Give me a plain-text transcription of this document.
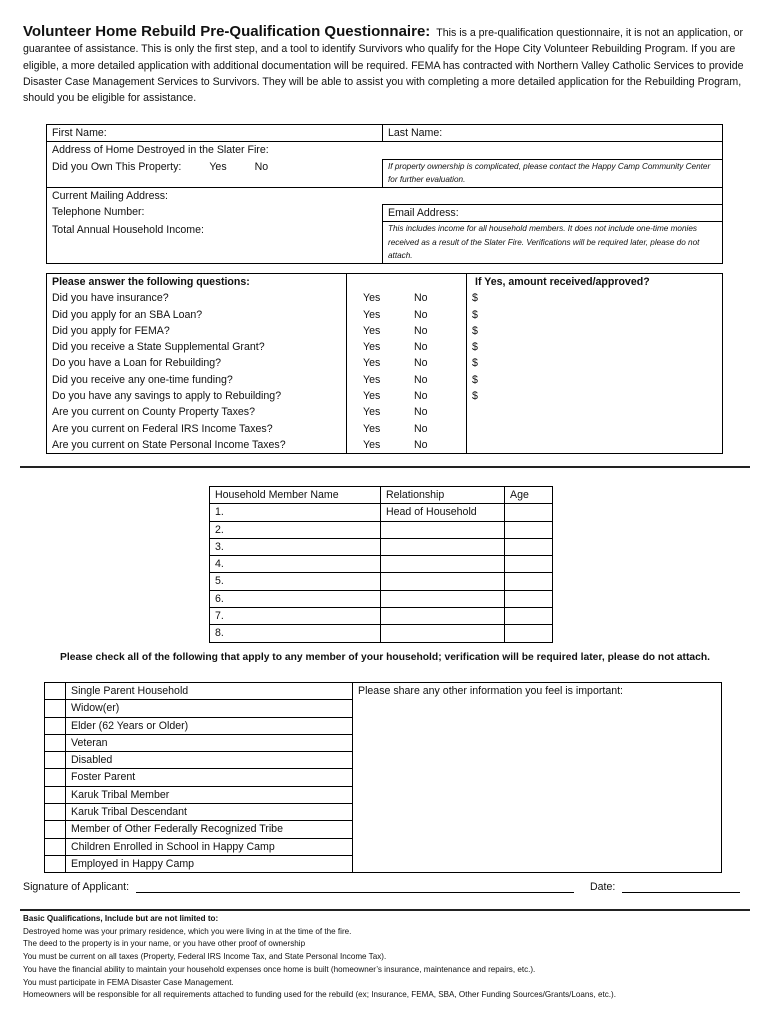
Volunteer Home Rebuild Pre-Qualification Questionnaire: This is a pre-qualification questionnaire, it is not an application, or guarantee of assistance. This is only the first step, and a tool to identify Survivors who qualify for the Hope City Volunteer Rebuilding Program. If you are eligible, a more detailed application with additional documentation will be required. FEMA has contracted with Northern Valley Catholic Services to provide Disaster Case Management Services to Survivors. They will be able to assist you with completing a more detailed application for the Rebuilding Program, should you be eligible for assistance.
First Name:	Last Name:
Address of Home Destroyed in the Slater Fire:	
Did you Own This Property: Yes No	If property ownership is complicated, please contact the Happy Camp Community Center for further evaluation.
Current Mailing Address:	
Telephone Number:	Email Address:
Total Annual Household Income:	This includes income for all household members. It does not include one-time monies received as a result of the Slater Fire. Verifications will be required later, please do not attach.
Please answer the following questions:			If Yes, amount received/approved?
Did you have insurance?	Yes	No	$
Did you apply for an SBA Loan?	Yes	No	$
Did you apply for FEMA?	Yes	No	$
Did you receive a State Supplemental Grant?	Yes	No	$
Do you have a Loan for Rebuilding?	Yes	No	$
Did you receive any one-time funding?	Yes	No	$
Do you have any savings to apply to Rebuilding?	Yes	No	$
Are you current on County Property Taxes?	Yes	No	
Are you current on Federal IRS Income Taxes?	Yes	No	
Are you current on State Personal Income Taxes?	Yes	No	
Household Member Name	Relationship	Age
1.	Head of Household	
2.		
3.		
4.		
5.		
6.		
7.		
8.		
Please check all of the following that apply to any member of your household; verification will be required later, please do not attach.
	Single Parent Household	Please share any other information you feel is important:
	Widow(er)	
	Elder (62 Years or Older)	
	Veteran	
	Disabled	
	Foster Parent	
	Karuk Tribal Member	
	Karuk Tribal Descendant	
	Member of Other Federally Recognized Tribe	
	Children Enrolled in School in Happy Camp	
	Employed in Happy Camp	
Signature of Applicant:	Date:
Basic Qualifications, Include but are not limited to:
Destroyed home was your primary residence, which you were living in at the time of the fire.
The deed to the property is in your name, or you have other proof of ownership
You must be current on all taxes (Property, Federal IRS Income Tax, and State Personal Income Tax).
You have the financial ability to maintain your household expenses once home is built (homeowner’s insurance, maintenance and repairs, etc.).
You must participate in FEMA Disaster Case Management.
Homeowners will be responsible for all requirements attached to funding used for the rebuild (ex; Insurance, FEMA, SBA, Other Funding Sources/Grants/Loans, etc.).
